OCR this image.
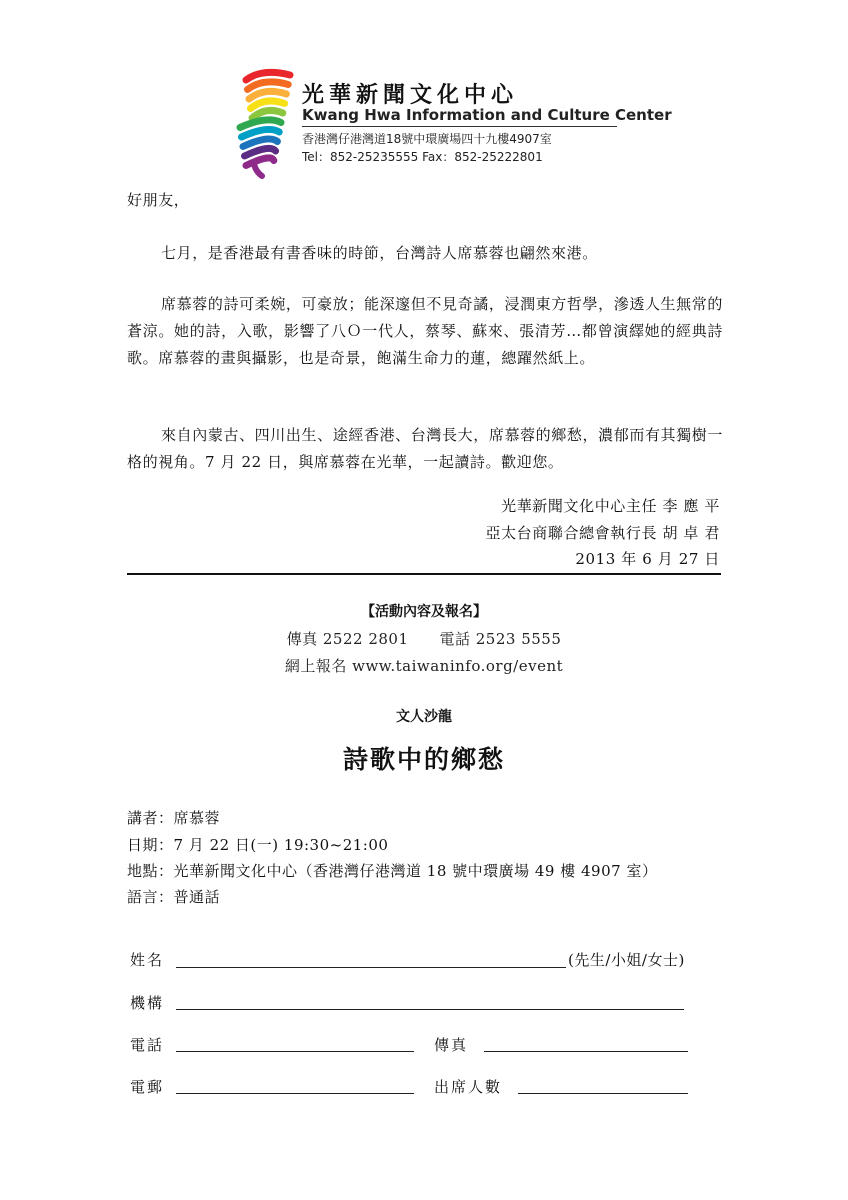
光華新聞文化中心
Kwang Hwa Information and Culture Center
香港灣仔港灣道18號中環廣場四十九樓4907室
Tel：852-25235555 Fax：852-25222801
好朋友，
七月，是香港最有書香味的時節，台灣詩人席慕蓉也翩然來港。
席慕蓉的詩可柔婉，可豪放；能深邃但不見奇譎，浸潤東方哲學，滲透人生無常的蒼涼。她的詩，入歌，影響了八Ｏ一代人，蔡琴、蘇來、張清芳…都曾演繹她的經典詩歌。席慕蓉的畫與攝影，也是奇景，飽滿生命力的蓮，總躍然紙上。
來自內蒙古、四川出生、途經香港、台灣長大，席慕蓉的鄉愁，濃郁而有其獨樹一格的視角。7 月 22 日，與席慕蓉在光華，一起讀詩。歡迎您。
光華新聞文化中心主任 李 應 平
亞太台商聯合總會執行長 胡 卓 君
2013 年 6 月 27 日
【活動內容及報名】
傳真 2522 2801　　電話 2523 5555
網上報名 www.taiwaninfo.org/event
文人沙龍
詩歌中的鄉愁
講者：席慕蓉
日期：7 月 22 日(一) 19:30~21:00
地點：光華新聞文化中心（香港灣仔港灣道 18 號中環廣場 49 樓 4907 室）
語言：普通話
姓名	(先生/小姐/女士)
機構
電話	傳真
電郵	出席人數
